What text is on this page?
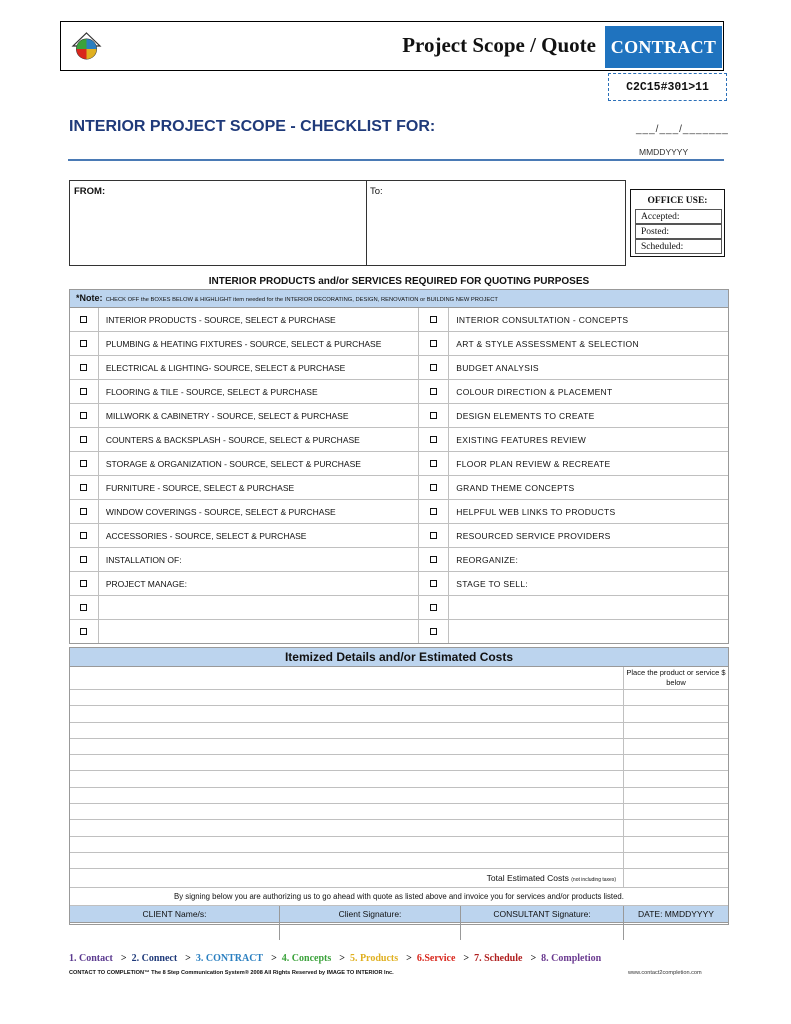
Project Scope / Quote CONTRACT
C2C15#301>11
INTERIOR PROJECT SCOPE - CHECKLIST FOR:	___/___/_______
MMDDYYYY
FROM:	To:
OFFICE USE:
Accepted:
Posted:
Scheduled:
INTERIOR PRODUCTS and/or SERVICES REQUIRED FOR QUOTING PURPOSES
*Note: CHECK OFF the BOXES BELOW & HIGHLIGHT item needed for the INTERIOR DECORATING, DESIGN, RENOVATION or BUILDING NEW PROJECT
INTERIOR PRODUCTS - SOURCE, SELECT & PURCHASE	INTERIOR CONSULTATION - CONCEPTS
PLUMBING & HEATING FIXTURES - SOURCE, SELECT & PURCHASE	ART & STYLE ASSESSMENT & SELECTION
ELECTRICAL & LIGHTING- SOURCE, SELECT & PURCHASE	BUDGET ANALYSIS
FLOORING & TILE - SOURCE, SELECT & PURCHASE	COLOUR DIRECTION & PLACEMENT
MILLWORK & CABINETRY - SOURCE, SELECT & PURCHASE	DESIGN ELEMENTS TO CREATE
COUNTERS & BACKSPLASH - SOURCE, SELECT & PURCHASE	EXISTING FEATURES REVIEW
STORAGE & ORGANIZATION - SOURCE, SELECT & PURCHASE	FLOOR PLAN REVIEW & RECREATE
FURNITURE - SOURCE, SELECT & PURCHASE	GRAND THEME CONCEPTS
WINDOW COVERINGS - SOURCE, SELECT & PURCHASE	HELPFUL WEB LINKS TO PRODUCTS
ACCESSORIES - SOURCE, SELECT & PURCHASE	RESOURCED SERVICE PROVIDERS
INSTALLATION OF:	REORGANIZE:
PROJECT MANAGE:	STAGE TO SELL:
Itemized Details and/or Estimated Costs
Place the product or service $ below
Total Estimated Costs (not including taxes)
By signing below you are authorizing us to go ahead with quote as listed above and invoice you for services and/or products listed.
CLIENT Name/s:	Client Signature:	CONSULTANT Signature:	DATE: MMDDYYYY
1. Contact > 2. Connect > 3. CONTRACT > 4. Concepts > 5. Products > 6.Service > 7. Schedule > 8. Completion
CONTACT TO COMPLETION™ The 8 Step Communication System® 2008 All Rights Reserved by IMAGE TO INTERIOR Inc.	www.contact2completion.com
